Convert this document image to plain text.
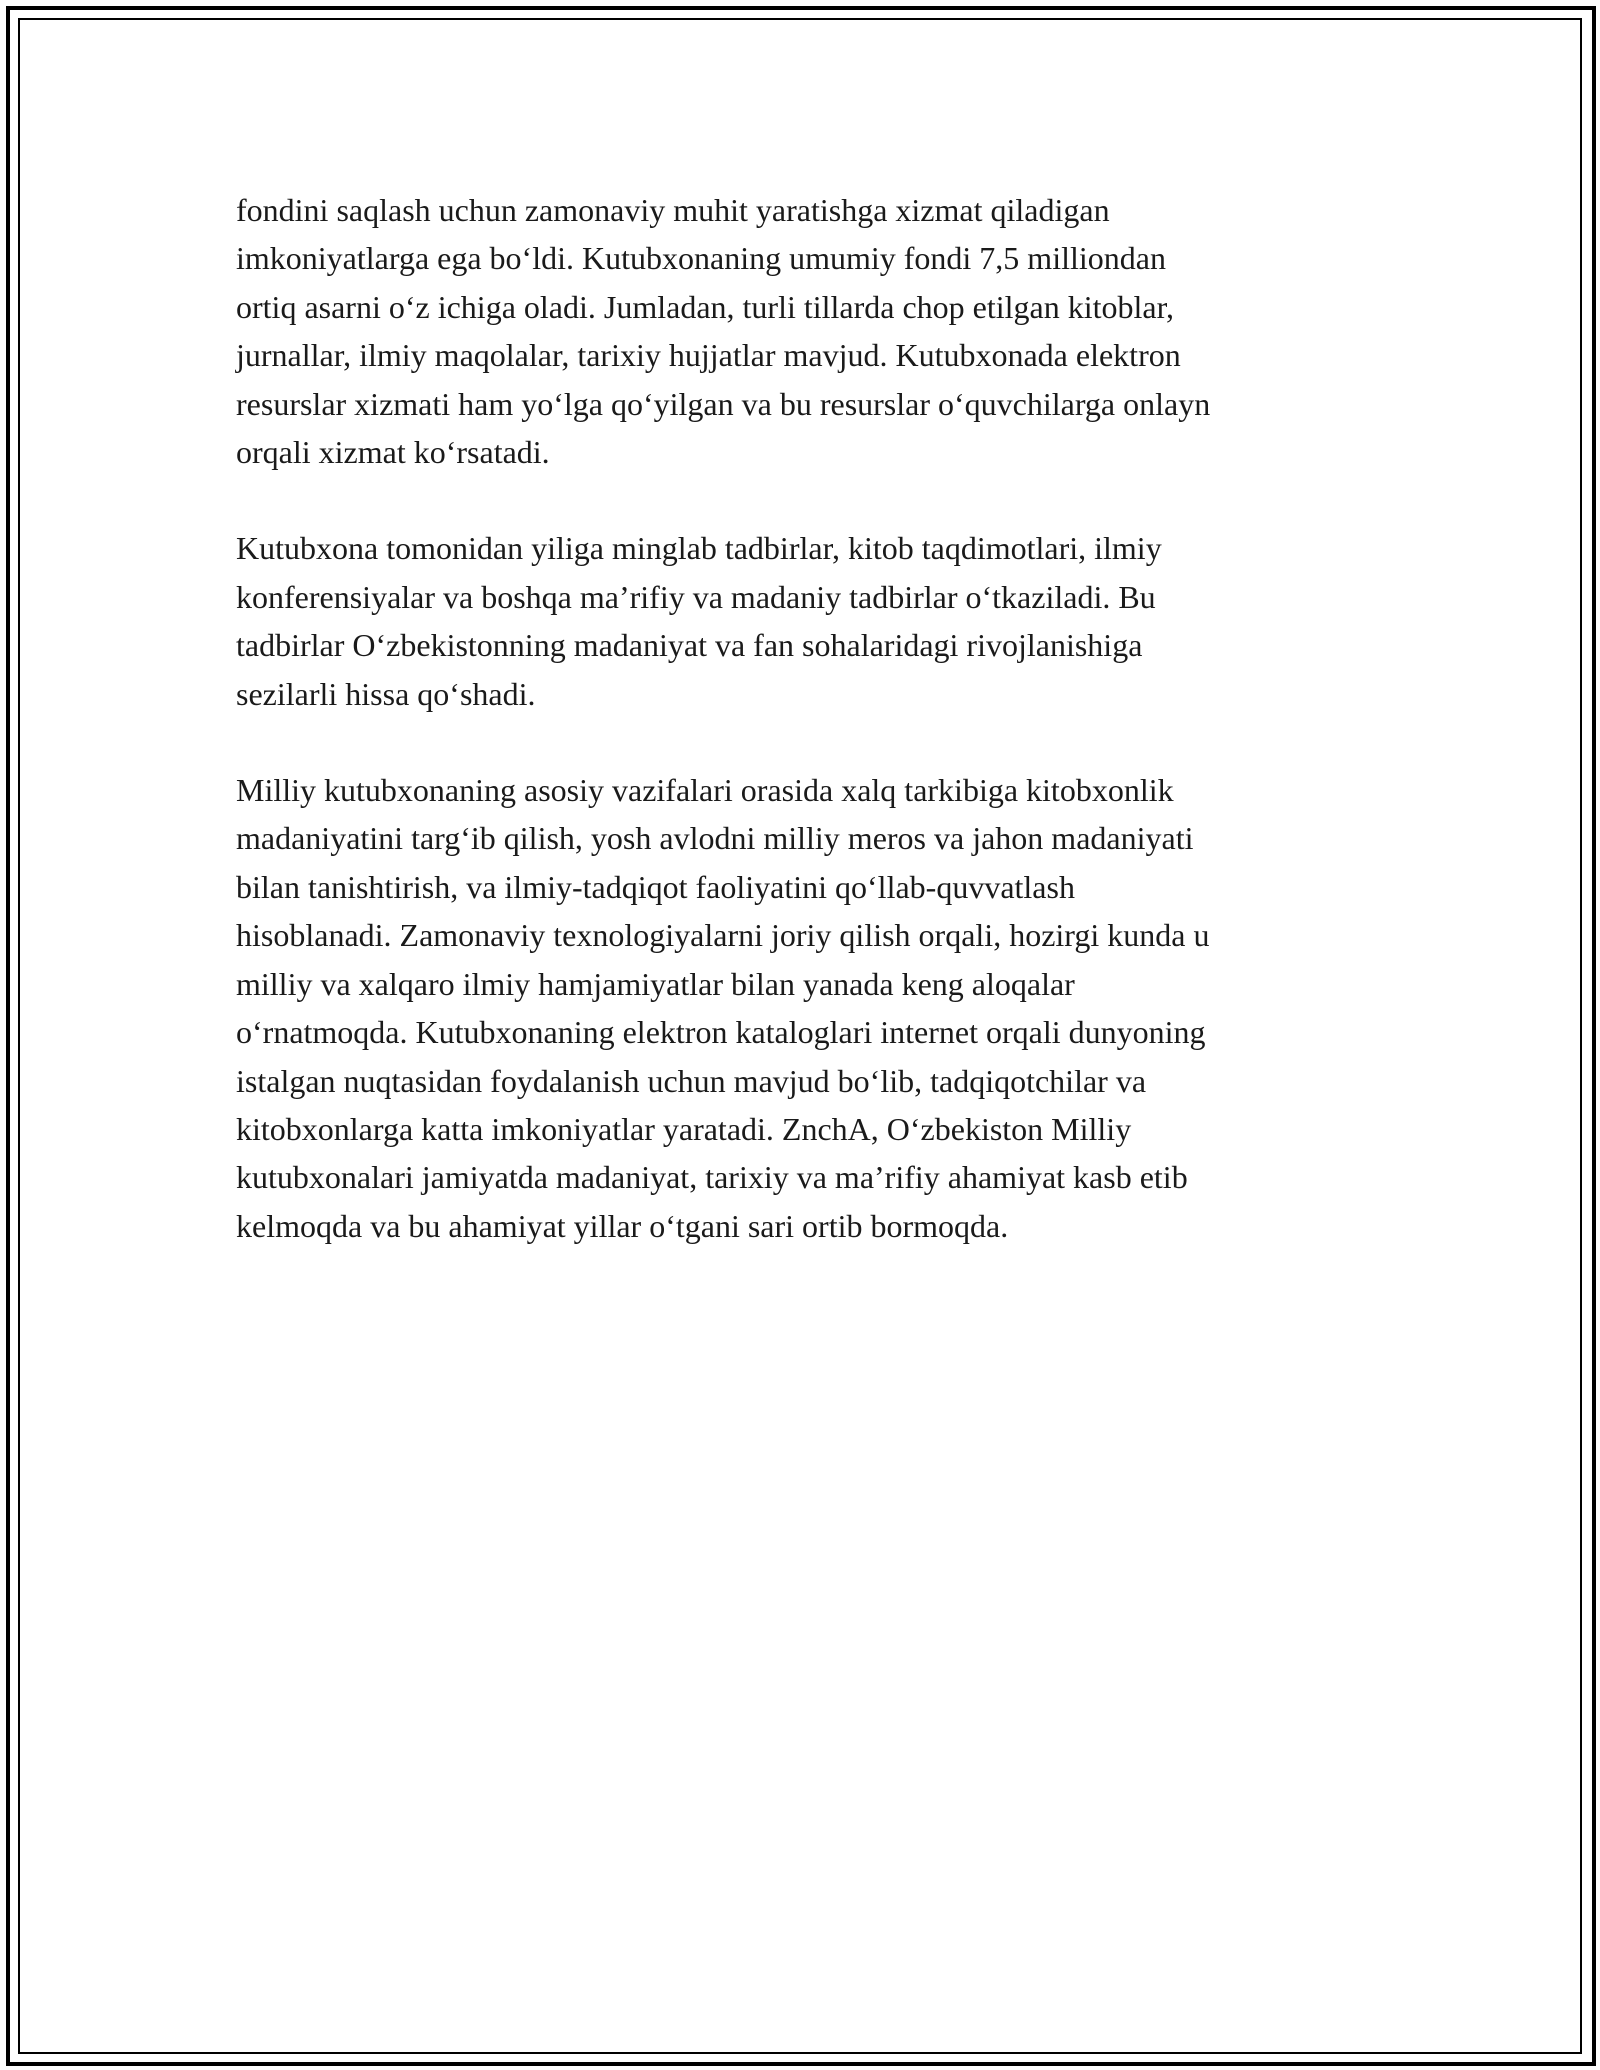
fondini saqlash uchun zamonaviy muhit yaratishga xizmat qiladigan
imkoniyatlarga ega bo‘ldi. Kutubxonaning umumiy fondi 7,5 milliondan
ortiq asarni o‘z ichiga oladi. Jumladan, turli tillarda chop etilgan kitoblar,
jurnallar, ilmiy maqolalar, tarixiy hujjatlar mavjud. Kutubxonada elektron
resurslar xizmati ham yo‘lga qo‘yilgan va bu resurslar o‘quvchilarga onlayn
orqali xizmat ko‘rsatadi.

Kutubxona tomonidan yiliga minglab tadbirlar, kitob taqdimotlari, ilmiy
konferensiyalar va boshqa ma’rifiy va madaniy tadbirlar o‘tkaziladi. Bu
tadbirlar O‘zbekistonning madaniyat va fan sohalaridagi rivojlanishiga
sezilarli hissa qo‘shadi.

Milliy kutubxonaning asosiy vazifalari orasida xalq tarkibiga kitobxonlik
madaniyatini targ‘ib qilish, yosh avlodni milliy meros va jahon madaniyati
bilan tanishtirish, va ilmiy-tadqiqot faoliyatini qo‘llab-quvvatlash
hisoblanadi. Zamonaviy texnologiyalarni joriy qilish orqali, hozirgi kunda u
milliy va xalqaro ilmiy hamjamiyatlar bilan yanada keng aloqalar
o‘rnatmoqda. Kutubxonaning elektron kataloglari internet orqali dunyoning
istalgan nuqtasidan foydalanish uchun mavjud bo‘lib, tadqiqotchilar va
kitobxonlarga katta imkoniyatlar yaratadi. ZnchA, O‘zbekiston Milliy
kutubxonalari jamiyatda madaniyat, tarixiy va ma’rifiy ahamiyat kasb etib
kelmoqda va bu ahamiyat yillar o‘tgani sari ortib bormoqda.
